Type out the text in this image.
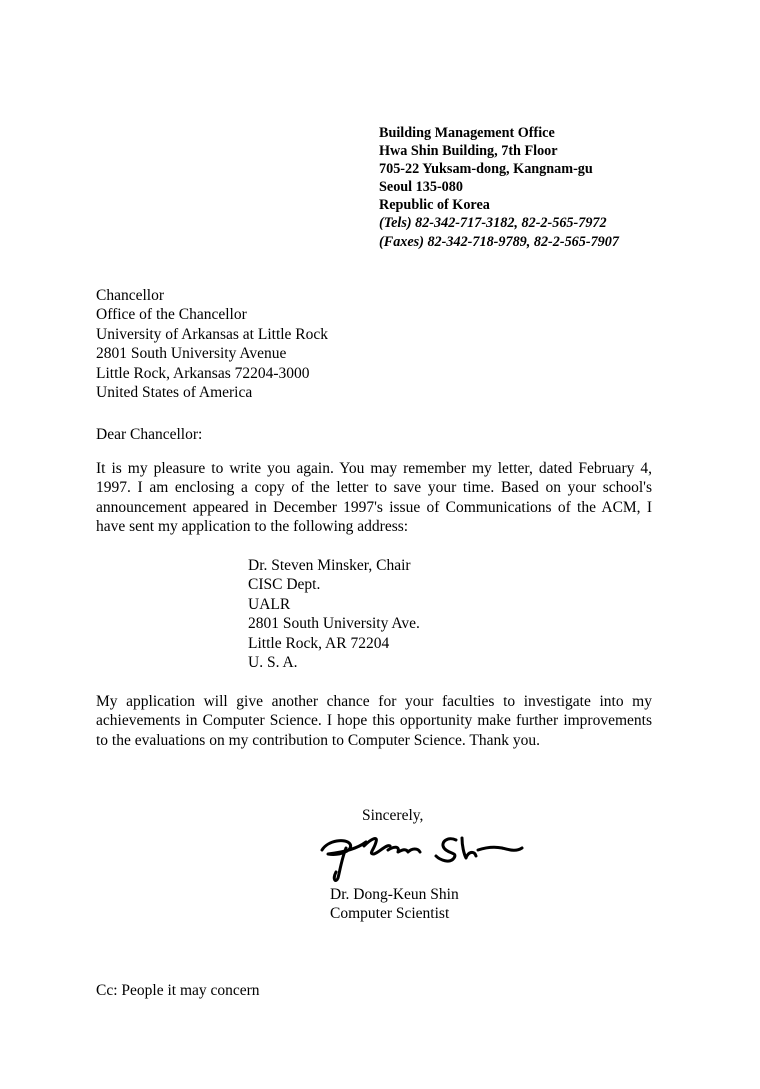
Building Management Office
Hwa Shin Building, 7th Floor
705-22 Yuksam-dong, Kangnam-gu
Seoul 135-080
Republic of Korea
(Tels) 82-342-717-3182, 82-2-565-7972
(Faxes) 82-342-718-9789, 82-2-565-7907
Chancellor
Office of the Chancellor
University of Arkansas at Little Rock
2801 South University Avenue
Little Rock, Arkansas 72204-3000
United States of America
Dear Chancellor:
It is my pleasure to write you again. You may remember my letter, dated February 4,
1997. I am enclosing a copy of the letter to save your time. Based on your school's
announcement appeared in December 1997's issue of Communications of the ACM, I
have sent my application to the following address:
Dr. Steven Minsker, Chair
CISC Dept.
UALR
2801 South University Ave.
Little Rock, AR 72204
U. S. A.
My application will give another chance for your faculties to investigate into my
achievements in Computer Science. I hope this opportunity make further improvements
to the evaluations on my contribution to Computer Science. Thank you.
Sincerely,
Dr. Dong-Keun Shin
Computer Scientist
Cc: People it may concern
